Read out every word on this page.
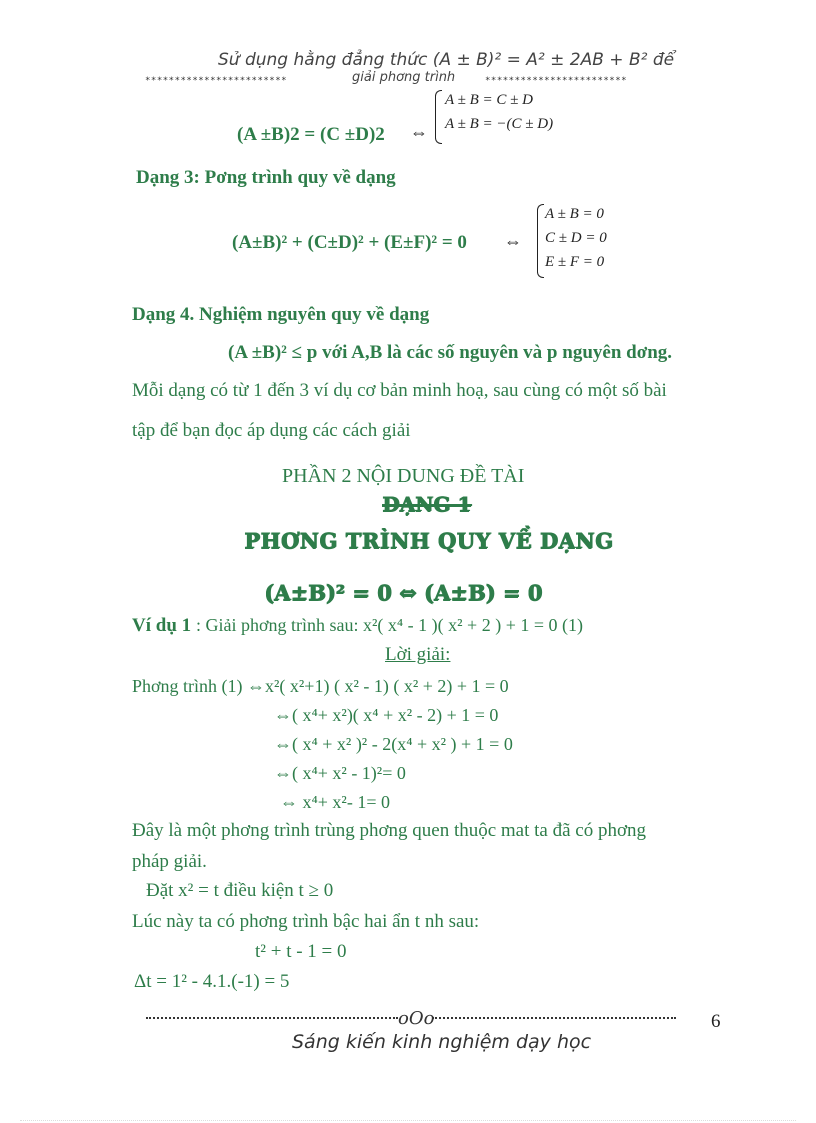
Sử dụng hằng đẳng thức (A ± B)² = A² ± 2AB + B² để
************************	giải phơng trình	************************
(A ±B)2 = (C ±D)2 ⇔
A ± B = C ± D
A ± B = −(C ± D)
Dạng 3: Pơng trình quy về dạng
(A±B)² + (C±D)² + (E±F)² = 0 ⇔
A ± B = 0
C ± D = 0
E ± F = 0
Dạng 4. Nghiệm nguyên quy về dạng
(A ±B)² ≤ p với A,B là các số nguyên và p nguyên dơng.
Mỗi dạng có từ 1 đến 3 ví dụ cơ bản minh hoạ, sau cùng có một số bài
tập để bạn đọc áp dụng các cách giải
PHẦN 2 NỘI DUNG ĐỀ TÀI
DẠNG 1
PHƠNG TRÌNH QUY VỀ DẠNG
(A±B)² = 0 ⇔ (A±B) = 0
Ví dụ 1 : Giải phơng trình sau: x²( x⁴ - 1 )( x² + 2 ) + 1 = 0 (1)
Lời giải:
Phơng trình (1) ⇔x²( x²+1) ( x² - 1) ( x² + 2) + 1 = 0
⇔( x⁴+ x²)( x⁴ + x² - 2) + 1 = 0
⇔( x⁴ + x² )² - 2(x⁴ + x² ) + 1 = 0
⇔( x⁴+ x² - 1)²= 0
⇔ x⁴+ x²- 1= 0
Đây là một phơng trình trùng phơng quen thuộc mat ta đã có phơng
pháp giải.
Đặt x² = t điều kiện t ≥ 0
Lúc này ta có phơng trình bậc hai ẩn t nh sau:
t² + t - 1 = 0
Δt = 1² - 4.1.(-1) = 5
oOo	6
Sáng kiến kinh nghiệm dạy học
